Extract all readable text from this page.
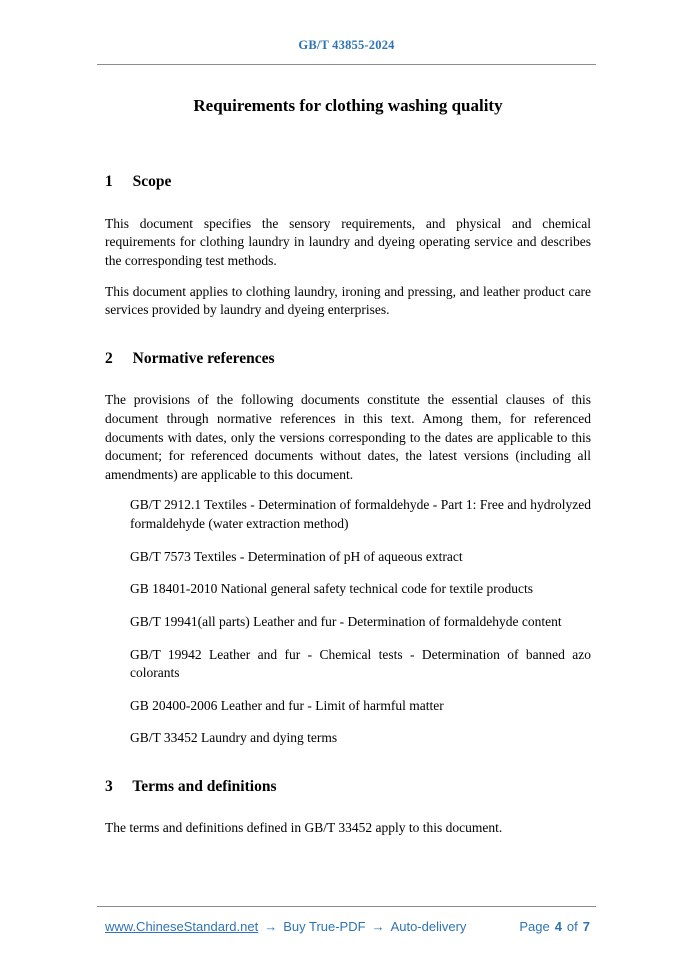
GB/T 43855-2024
Requirements for clothing washing quality
1 Scope

This document specifies the sensory requirements, and physical and chemical requirements for clothing laundry in laundry and dyeing operating service and describes the corresponding test methods.

This document applies to clothing laundry, ironing and pressing, and leather product care services provided by laundry and dyeing enterprises.

2 Normative references

The provisions of the following documents constitute the essential clauses of this document through normative references in this text. Among them, for referenced documents with dates, only the versions corresponding to the dates are applicable to this document; for referenced documents without dates, the latest versions (including all amendments) are applicable to this document.

GB/T 2912.1 Textiles - Determination of formaldehyde - Part 1: Free and hydrolyzed formaldehyde (water extraction method)

GB/T 7573 Textiles - Determination of pH of aqueous extract

GB 18401-2010 National general safety technical code for textile products

GB/T 19941(all parts) Leather and fur - Determination of formaldehyde content

GB/T 19942 Leather and fur - Chemical tests - Determination of banned azo colorants

GB 20400-2006 Leather and fur - Limit of harmful matter

GB/T 33452 Laundry and dying terms

3 Terms and definitions

The terms and definitions defined in GB/T 33452 apply to this document.

www.ChineseStandard.net → Buy True-PDF → Auto-delivery	Page 4 of 7
